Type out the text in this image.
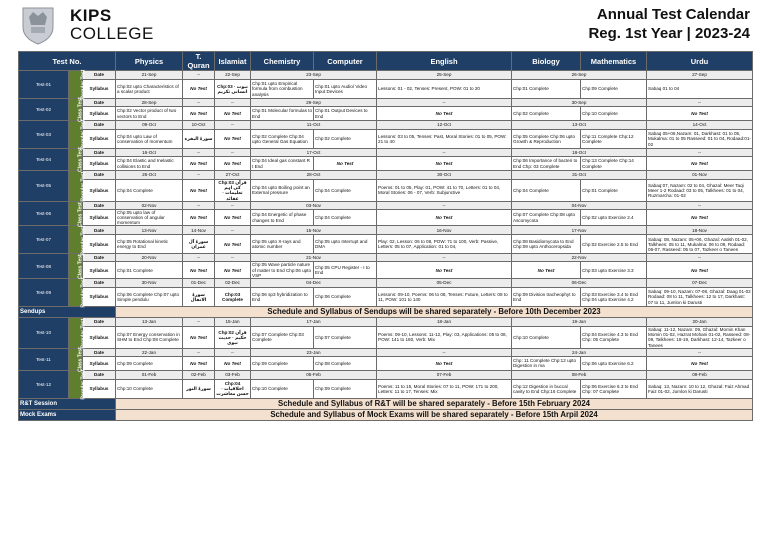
KIPS
COLLEGE
Annual Test Calendar
Reg. 1st Year | 2023-24
Test No.			Physics	T. Quran	Islamiat	Chemistry	Computer	English	Biology	Mathematics	Urdu
Test-01	Regular Test	Date	21-Sep	--	22-Sep	23-Sep		25-Sep	26-Sep		27-Sep
		Syllabus	Chp:02 upto Characteristics of a scalar product	No Test	Chp:03 نبوت · انسانی تکریم	Chp:01 upto Empirical formula from combustion analysis	Chp:01 upto Audio/ Video Input Devices	Lessons: 01 - 02, Tenses: Present, POW: 01 to 20	Chp:01 Complete	Chp:09 Complete	Sabaq 01 to 04
Test-02	Class Test	Date	28-Sep	--	--	29-Sep		--	30-Sep		--
		Syllabus	Chp:02 Vector product of two vectors to End	No Test	No Test	Chp:01 Molecular formulas to End	Chp:01 Output Devices to End	No Test	Chp:02 Complete	Chp:10 Complete	No Test
Test-03	Regular Test	Date	09-Oct	10-Oct	--	11-Oct		12-Oct	13-Oct		14-Oct
		Syllabus	Chp:04 upto Law of conservation of momentum	سورۃ البقرہ	No Test	Chp:02 Complete Chp:04 upto General Gas Equation	Chp:02 Complete	Lessons: 03 to 05, Tenses: Past, Moral Stories: 01 to 05, POW: 21 to 40	Chp:05 Complete Chp:06 upto Growth & Reproduction	Chp:11 Complete Chp:12 Complete	Sabaq 05+06,Nazam: 01, Darkhast: 01 to 05, Mukalma: 01 to 05 Rasseed: 01 to 04, Rodaad:01-02
Test-04	Class Test	Date	16-Oct	--	--	17-Oct		--	18-Oct		--
		Syllabus	Chp:04 Elastic and Inelastic collisions to End	No Test	No Test	Chp:04 Ideal gas constant R t End	No Test	No Test	Chp:06 Importance of bacteri to End Chp: 03 Complete	Chp:13 Complete Chp:14 Complete	No Test
Test-05	Regular Test	Date	26-Oct	--	27-Oct	28-Oct		30-Oct	31-Oct		01-Nov
		Syllabus	Chp:04 Complete	No Test	Chp:03 قرآن کی اہم تعلیمات · عقائد	Chp:04 upto Boiling point an External pressure	Chp:04 Complete	Poems: 01 to 05, Play: 01, POW: 41 to 70, Letters: 01 to 04, Moral Stories: 06 - 07, Verb: Subjunctive	Chp:04 Complete	Chp:01 Complete	Sabaq:07, Nazam: 02 to 04, Ghazal: Meer Taqi Meer 1-2 Rodaad: 03 to 05, Talkhees: 01 to 04, Ruzmarcha: 01-02
Test-06	Class Test	Date	02-Nov	--	--	03-Nov		--	04-Nov		--
		Syllabus	Chp:05 upto law of conservation of angular momentum	No Test	No Test	Chp:04 Energetic of phase changes to End	Chp:04 Complete	No Test	Chp:07 Complete Chp:08 upto Ascomycota	Chp:02 upto Exercise 2.4	No Test
Test-07	Regular Test	Date	13-Nov	14-Nov	--	15-Nov		16-Nov	17-Nov		18-Nov
		Syllabus	Chp:05 Rotational kinetic energy to End	سورۃ آل عمران	No Test	Chp:05 upto X-rays and atomic number	Chp:05 upto Interrupt and DMA	Play: 02, Lesson: 06 to 08, POW: 71 to 100, Verb: Passive, Letters: 05 to 07, Application: 01 to 04,	Chp:08 Basidiomycota to End Chp:09 upto Anthoceropsida	Chp:02 Exercise 2.5 to End	Sabaq: 08, Nazam: 05+06, Ghazal: Aatish 01-02, Talkhees: 05 to 11, Mukalma: 06 to 09, Rodaad: 06-07, Rasseed: 05 to 07, Tazkeer o Tanees
Test-08	Class Test	Date	20-Nov	--	--	21-Nov		--	22-Nov		--
		Syllabus	Chp:01 Complete	No Test	No Test	Chp:05 Wave particle nature of matter to End Chp:06 upto VSP	Chp:05 CPU Register - I to End	No Test	No Test	Chp:03 upto Exercise 3.3	No Test
Test-09	Regular Test	Date	30-Nov	01-Dec	02-Dec	04-Dec		05-Dec	06-Dec		07-Dec
		Syllabus	Chp:06 Complete Chp:07 upto Simple pendulu	سورۃ الانفال	Chp:03 Complete	Chp:06 sp3 hybridization to End	Chp:06 Complete	Lessons: 09-10, Poems: 06 to 08, Tenses: Future, Letters: 08 to 11, POW: 101 to 140	Chp:09 Division tracheophyt to End	Chp:03 Exercise 3.4 to End Chp:04 upto Exercise 4.2	Sabaq: 09-10, Nazam: 07-08, Ghazal: Daag 01-02 Rodaad: 08 to 11, Talkhees: 12 to 17, Darkhast: 07 to 11, Jumlon ki Darusti
Sendups			Schedule and Syllabus of Sendups will be shared separately - Before 10th December 2023								
Test-10	Regular Test	Date	13-Jan	--	15-Jan	17-Jan		18-Jan	19-Jan		20-Jan
		Syllabus	Chp:07 Energy conservation in SHM to End Chp:08 Complete	No Test	Chp:02 قرآن حکیم · حدیث نبوی	Chp:07 Complete Chp:03 Complete	Chp:07 Complete	Poems: 09-10, Lessons: 11-12, Play: 03, Applications: 05 to 08, POW: 141 to 180, Verb: Mix	Chp:10 Complete	Chp:04 Exercise 4.3 to End Chp: 05 Complete	Sabaq: 11-12, Nazam: 09, Ghazal: Momin Khan Momin 01-02, Hazrat Mohani 01-02, Rasseed: 08-09, Talkhees: 18-19, Darkhast: 12-14, Tazkeer o Tanees
Test-11	Class Test	Date	22-Jan	--	--	23-Jan		--	24-Jan		--
		Syllabus	Chp:09 Complete	No Test	No Test	Chp:09 Complete	Chp:08 Complete	No Test	Chp: 11 Complete Chp:12 upto Digestion in ma	Chp:06 upto Exercise 6.2	No Test
Test-12	Regular Test	Date	01-Feb	02-Feb	03-Feb	05-Feb		07-Feb	08-Feb		09-Feb
		Syllabus	Chp:10 Complete	سورۃ النور	Chp:04 اخلاقیات · حسن معاشرت	Chp:10 Complete	Chp:09 Complete	Poems: 11 to 15, Moral Stories: 07 to 11, POW: 171 to 200, Letters: 11 to 17, Tenses: Mix	Chp:12 Digestion in buccal cavity to End Chp:16 Complete	Chp:06 Exercise 6.3 to End Chp: 07 Complete	Sabaq: 13, Nazam: 10 to 12, Ghazal: Faiz Ahmad Faiz 01-02, Jumlon ki Darusti
R&T Session			Schedule and Syllabus of R&T will be shared separately - Before 15th February 2024								
Mock Exams			Schedule and Syllabus of Mock Exams will be shared separately - Before 15th Arpil 2024								
